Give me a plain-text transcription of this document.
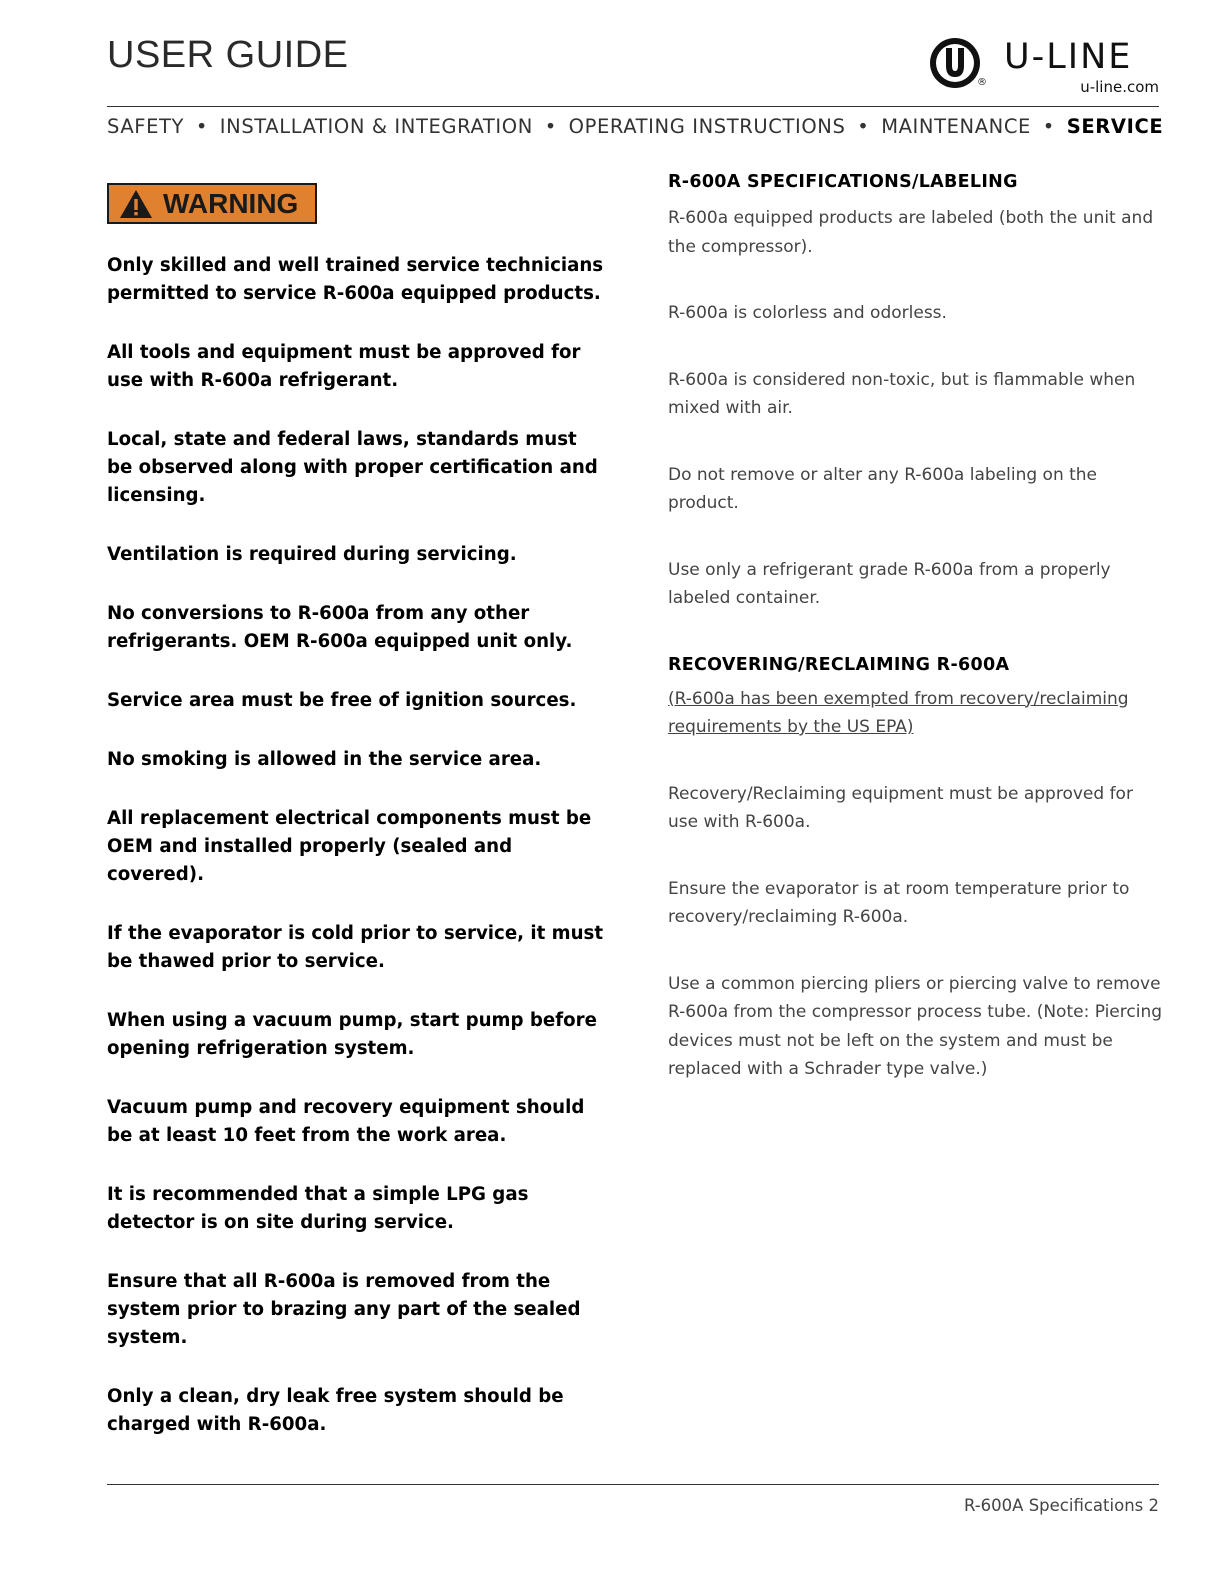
USER GUIDE
®
U-LINE
u-line.com
SAFETY • INSTALLATION & INTEGRATION • OPERATING INSTRUCTIONS • MAINTENANCE • SERVICE
WARNING

Only skilled and well trained service technicians permitted to service R-600a equipped products.

All tools and equipment must be approved for use with R-600a refrigerant.

Local, state and federal laws, standards must be observed along with proper certification and licensing.

Ventilation is required during servicing.

No conversions to R-600a from any other refrigerants. OEM R-600a equipped unit only.

Service area must be free of ignition sources.

No smoking is allowed in the service area.

All replacement electrical components must be OEM and installed properly (sealed and covered).

If the evaporator is cold prior to service, it must be thawed prior to service.

When using a vacuum pump, start pump before opening refrigeration system.

Vacuum pump and recovery equipment should be at least 10 feet from the work area.

It is recommended that a simple LPG gas detector is on site during service.

Ensure that all R-600a is removed from the system prior to brazing any part of the sealed system.

Only a clean, dry leak free system should be charged with R-600a.

R-600A SPECIFICATIONS/LABELING

R-600a equipped products are labeled (both the unit and the compressor).

R-600a is colorless and odorless.

R-600a is considered non-toxic, but is flammable when mixed with air.

Do not remove or alter any R-600a labeling on the product.

Use only a refrigerant grade R-600a from a properly labeled container.

RECOVERING/RECLAIMING R-600A

(R-600a has been exempted from recovery/reclaiming requirements by the US EPA)

Recovery/Reclaiming equipment must be approved for use with R-600a.

Ensure the evaporator is at room temperature prior to recovery/reclaiming R-600a.

Use a common piercing pliers or piercing valve to remove R-600a from the compressor process tube. (Note: Piercing devices must not be left on the system and must be replaced with a Schrader type valve.)

R-600A Specifications 2
